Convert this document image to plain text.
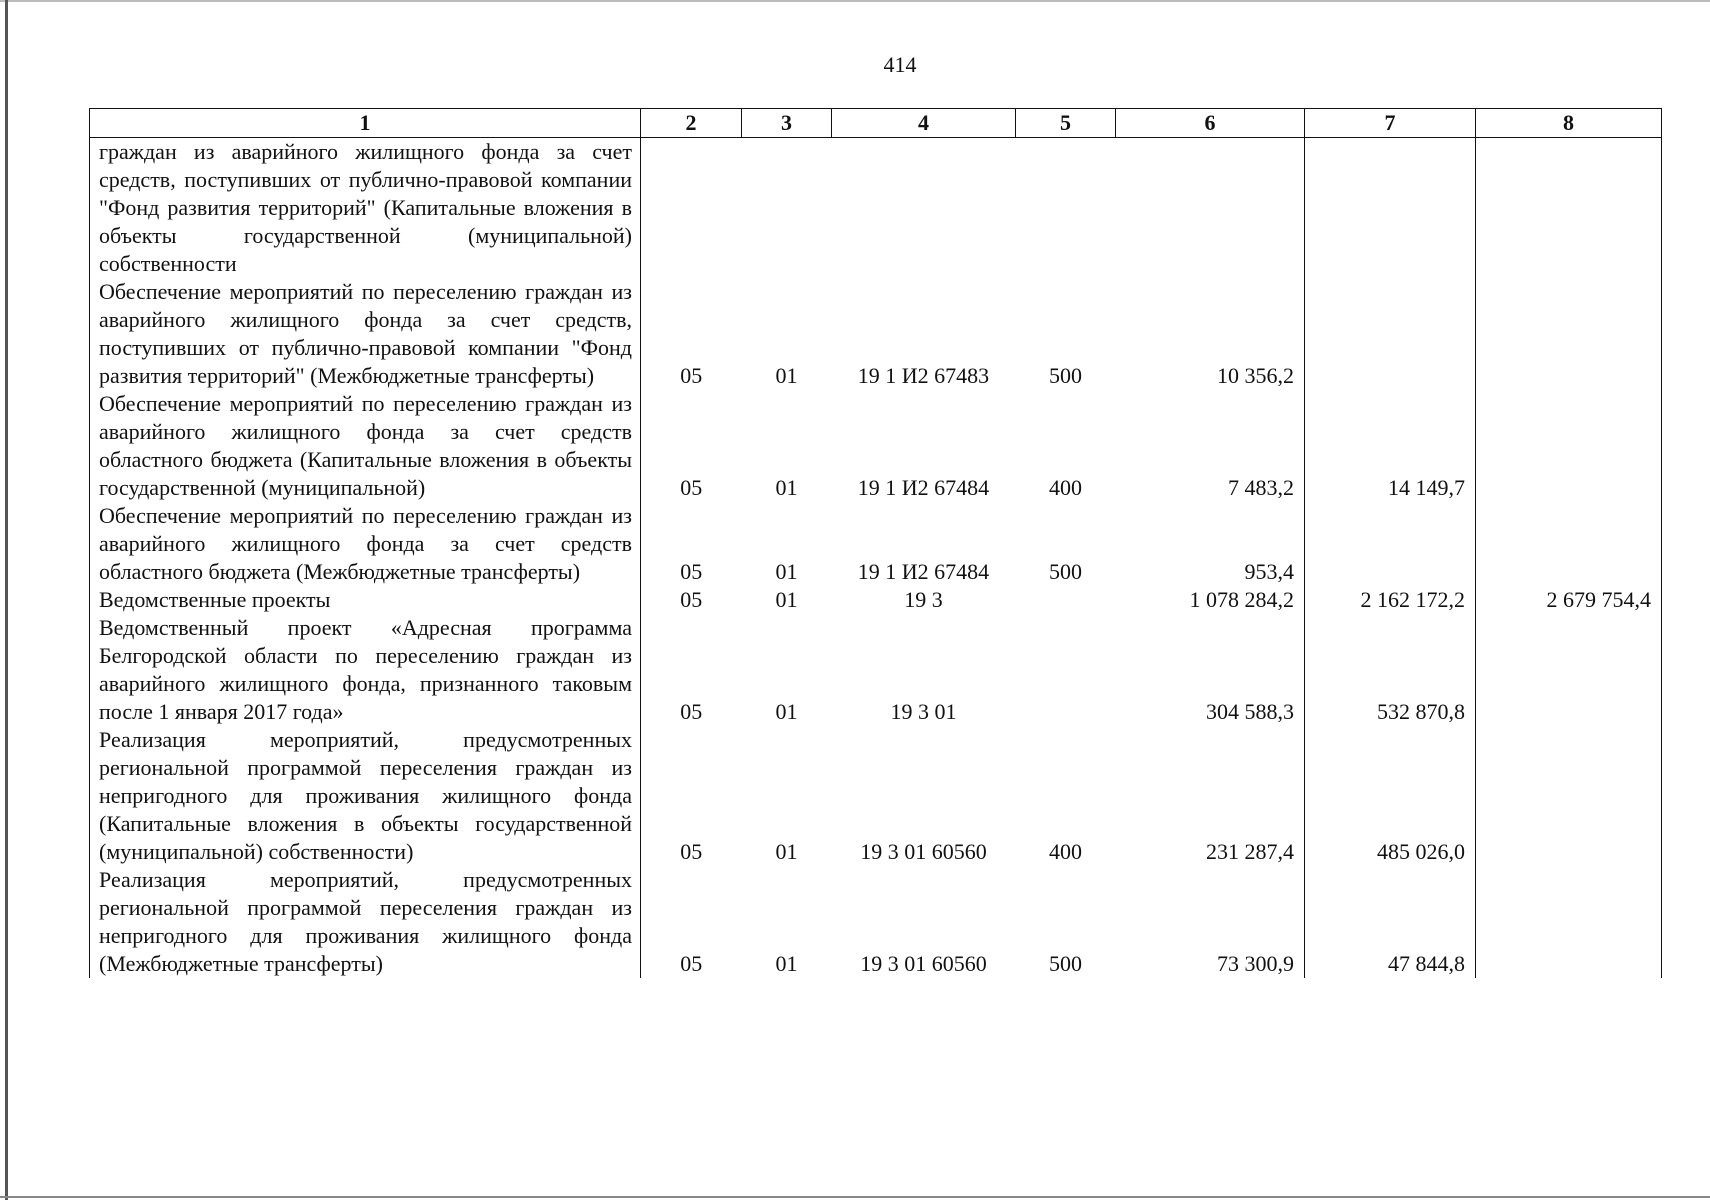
414
1	2	3	4	5	6	7	8
граждан из аварийного жилищного фонда за счет средств, поступивших от публично-правовой компании "Фонд развития территорий" (Капитальные вложения в объекты государственной (муниципальной) собственности							
Обеспечение мероприятий по переселению граждан из аварийного жилищного фонда за счет средств, поступивших от публично-правовой компании "Фонд развития территорий" (Межбюджетные трансферты)	05	01	19 1 И2 67483	500	10 356,2		
Обеспечение мероприятий по переселению граждан из аварийного жилищного фонда за счет средств областного бюджета (Капитальные вложения в объекты государственной (муниципальной)	05	01	19 1 И2 67484	400	7 483,2	14 149,7	
Обеспечение мероприятий по переселению граждан из аварийного жилищного фонда за счет средств областного бюджета (Межбюджетные трансферты)	05	01	19 1 И2 67484	500	953,4		
Ведомственные проекты	05	01	19 3		1 078 284,2	2 162 172,2	2 679 754,4
Ведомственный проект «Адресная программа Белгородской области по переселению граждан из аварийного жилищного фонда, признанного таковым после 1 января 2017 года»	05	01	19 3 01		304 588,3	532 870,8	
Реализация мероприятий, предусмотренных региональной программой переселения граждан из непригодного для проживания жилищного фонда (Капитальные вложения в объекты государственной (муниципальной) собственности)	05	01	19 3 01 60560	400	231 287,4	485 026,0	
Реализация мероприятий, предусмотренных региональной программой переселения граждан из непригодного для проживания жилищного фонда (Межбюджетные трансферты)	05	01	19 3 01 60560	500	73 300,9	47 844,8	
